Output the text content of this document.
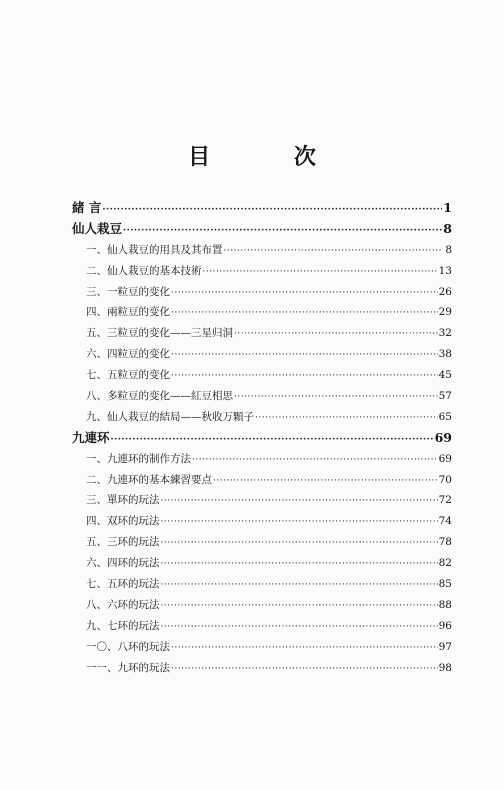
目 次
緒 言 ·····	1
仙人栽豆 ·····	8
一、仙人栽豆的用具及其布置 ·····	8
二、仙人栽豆的基本技術 ·····	13
三、一粒豆的变化 ·····	26
四、兩粒豆的变化 ·····	29
五、三粒豆的变化——三星归洞 ·····	32
六、四粒豆的变化 ·····	38
七、五粒豆的变化 ·····	45
八、多粒豆的变化——紅豆相思 ·····	57
九、仙人栽豆的結局——秋收万顆子 ·····	65
九連环 ·····	69
一、九連环的制作方法 ·····	69
二、九連环的基本練習要点 ·····	70
三、單环的玩法 ·····	72
四、双环的玩法 ·····	74
五、三环的玩法 ·····	78
六、四环的玩法 ·····	82
七、五环的玩法 ·····	85
八、六环的玩法 ·····	88
九、七环的玩法 ·····	96
一〇、八环的玩法 ·····	97
一一、九环的玩法 ·····	98
